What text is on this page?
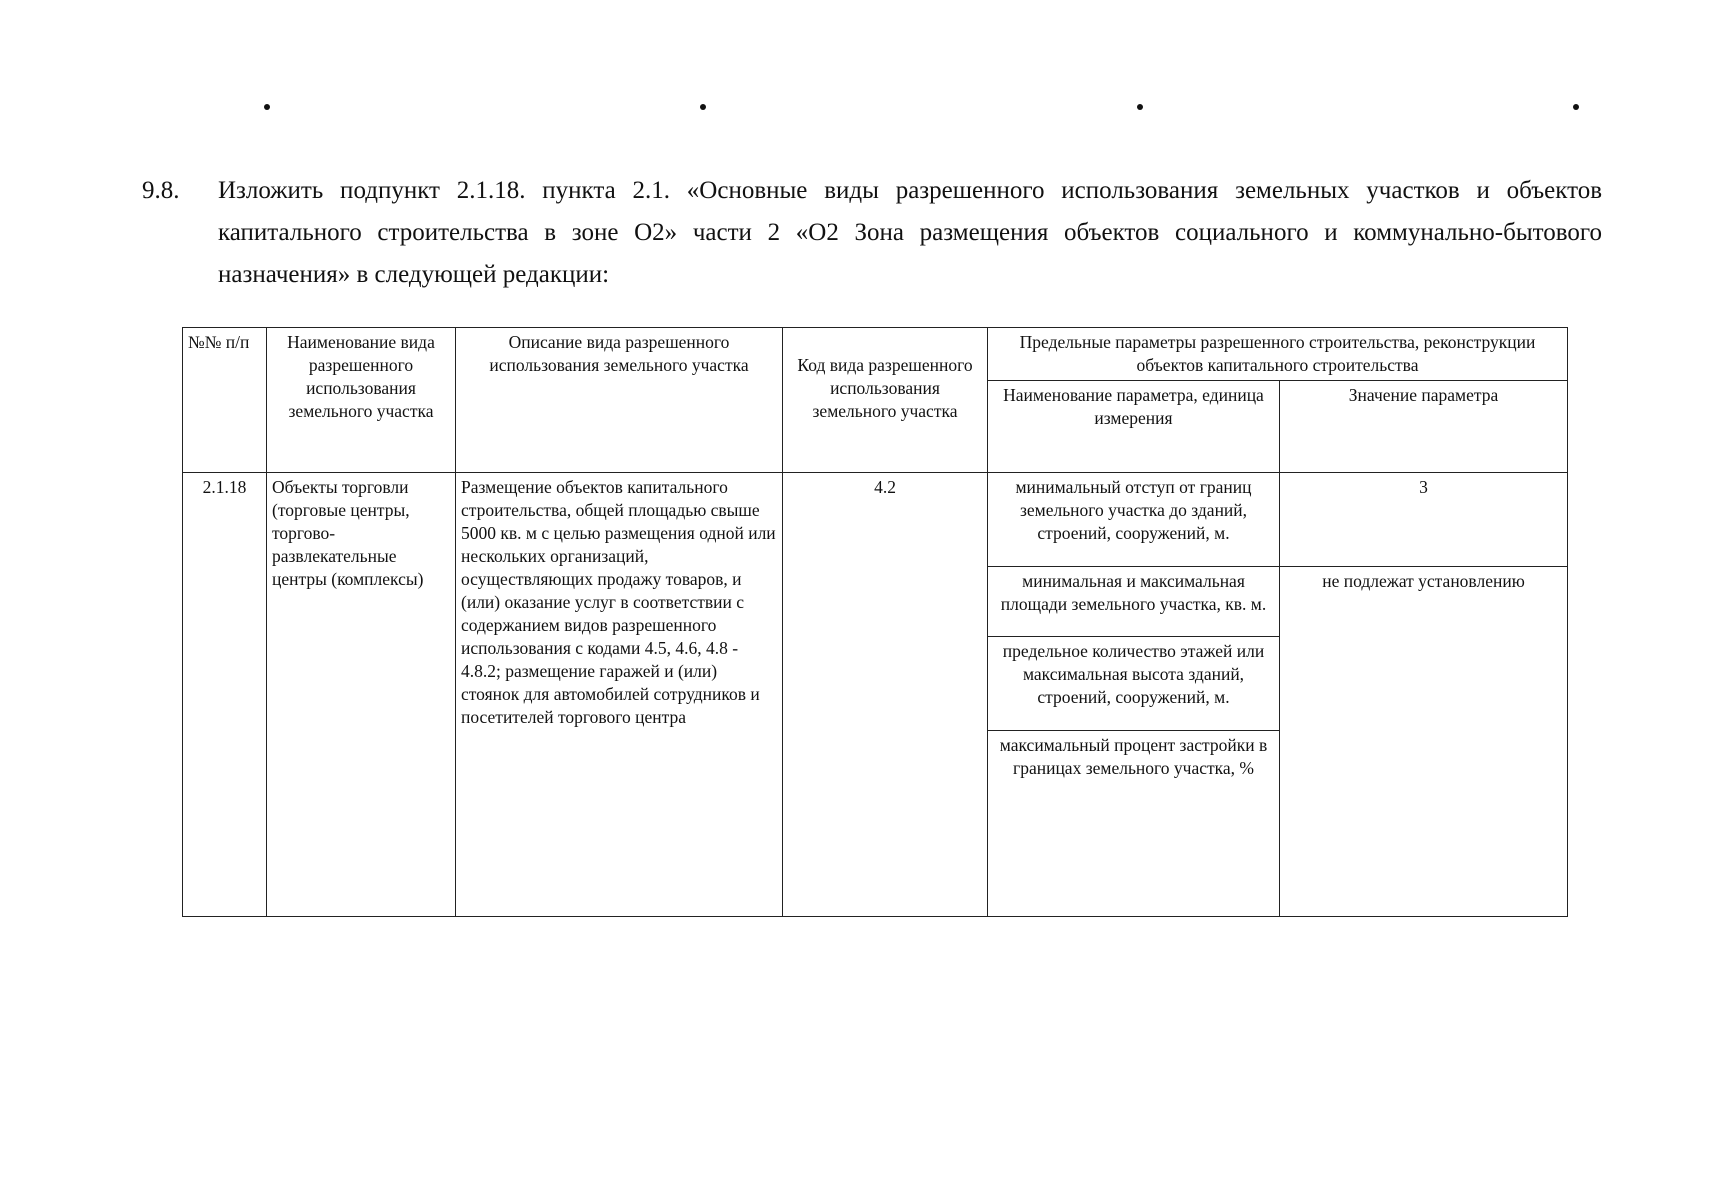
9.8. Изложить подпункт 2.1.18. пункта 2.1. «Основные виды разрешенного использования земельных участков и объектов капитального строительства в зоне О2» части 2 «О2 Зона размещения объектов социального и коммунально-бытового назначения» в следующей редакции:
№№ п/п	Наименование вида разрешенного использования земельного участка	Описание вида разрешенного использования земельного участка	Код вида разрешенного использования земельного участка	Предельные параметры разрешенного строительства, реконструкции объектов капитального строительства	
				Наименование параметра, единица измерения	Значение параметра
2.1.18	Объекты торговли (торговые центры, торгово-развлекательные центры (комплексы)	Размещение объектов капитального строительства, общей площадью свыше 5000 кв. м с целью размещения одной или нескольких организаций, осуществляющих продажу товаров, и (или) оказание услуг в соответствии с содержанием видов разрешенного использования с кодами 4.5, 4.6, 4.8 - 4.8.2; размещение гаражей и (или) стоянок для автомобилей сотрудников и посетителей торгового центра	4.2	минимальный отступ от границ земельного участка до зданий, строений, сооружений, м.	3
				минимальная и максимальная площади земельного участка, кв. м.	не подлежат установлению
				предельное количество этажей или максимальная высота зданий, строений, сооружений, м.	
				максимальный процент застройки в границах земельного участка, %	
